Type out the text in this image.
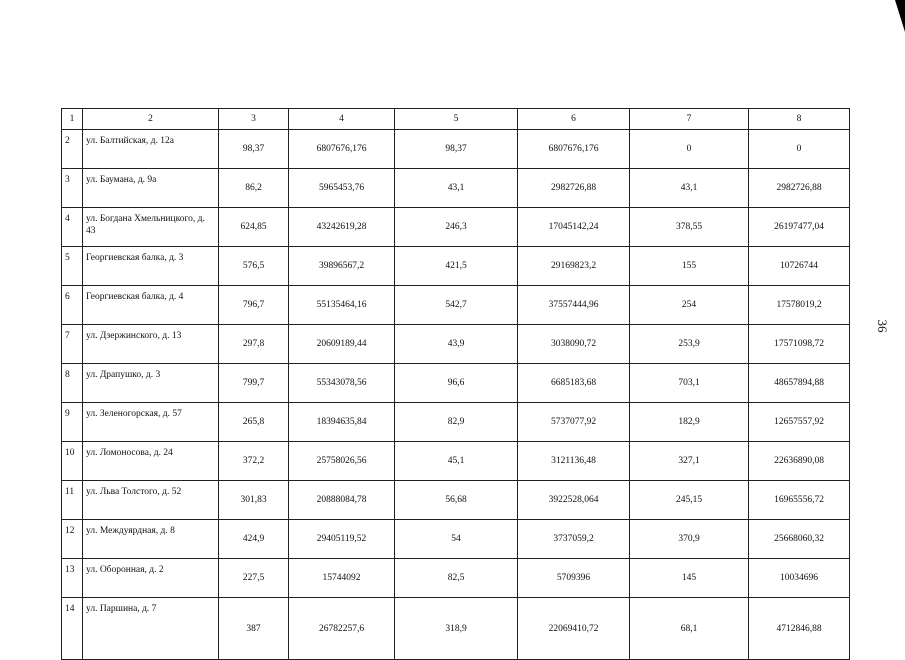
36
1	2	3	4	5	6	7	8
2	ул. Балтийская, д. 12а	98,37	6807676,176	98,37	6807676,176	0	0
3	ул. Баумана, д. 9а	86,2	5965453,76	43,1	2982726,88	43,1	2982726,88
4	ул. Богдана Хмельницкого, д. 43	624,85	43242619,28	246,3	17045142,24	378,55	26197477,04
5	Георгиевская балка, д. 3	576,5	39896567,2	421,5	29169823,2	155	10726744
6	Георгиевская балка, д. 4	796,7	55135464,16	542,7	37557444,96	254	17578019,2
7	ул. Дзержинского, д. 13	297,8	20609189,44	43,9	3038090,72	253,9	17571098,72
8	ул. Драпушко, д. 3	799,7	55343078,56	96,6	6685183,68	703,1	48657894,88
9	ул. Зеленогорская, д. 57	265,8	18394635,84	82,9	5737077,92	182,9	12657557,92
10	ул. Ломоносова, д. 24	372,2	25758026,56	45,1	3121136,48	327,1	22636890,08
11	ул. Льва Толстого, д. 52	301,83	20888084,78	56,68	3922528,064	245,15	16965556,72
12	ул. Междуярдная, д. 8	424,9	29405119,52	54	3737059,2	370,9	25668060,32
13	ул. Оборонная, д. 2	227,5	15744092	82,5	5709396	145	10034696
14	ул. Паршина, д. 7	387	26782257,6	318,9	22069410,72	68,1	4712846,88
